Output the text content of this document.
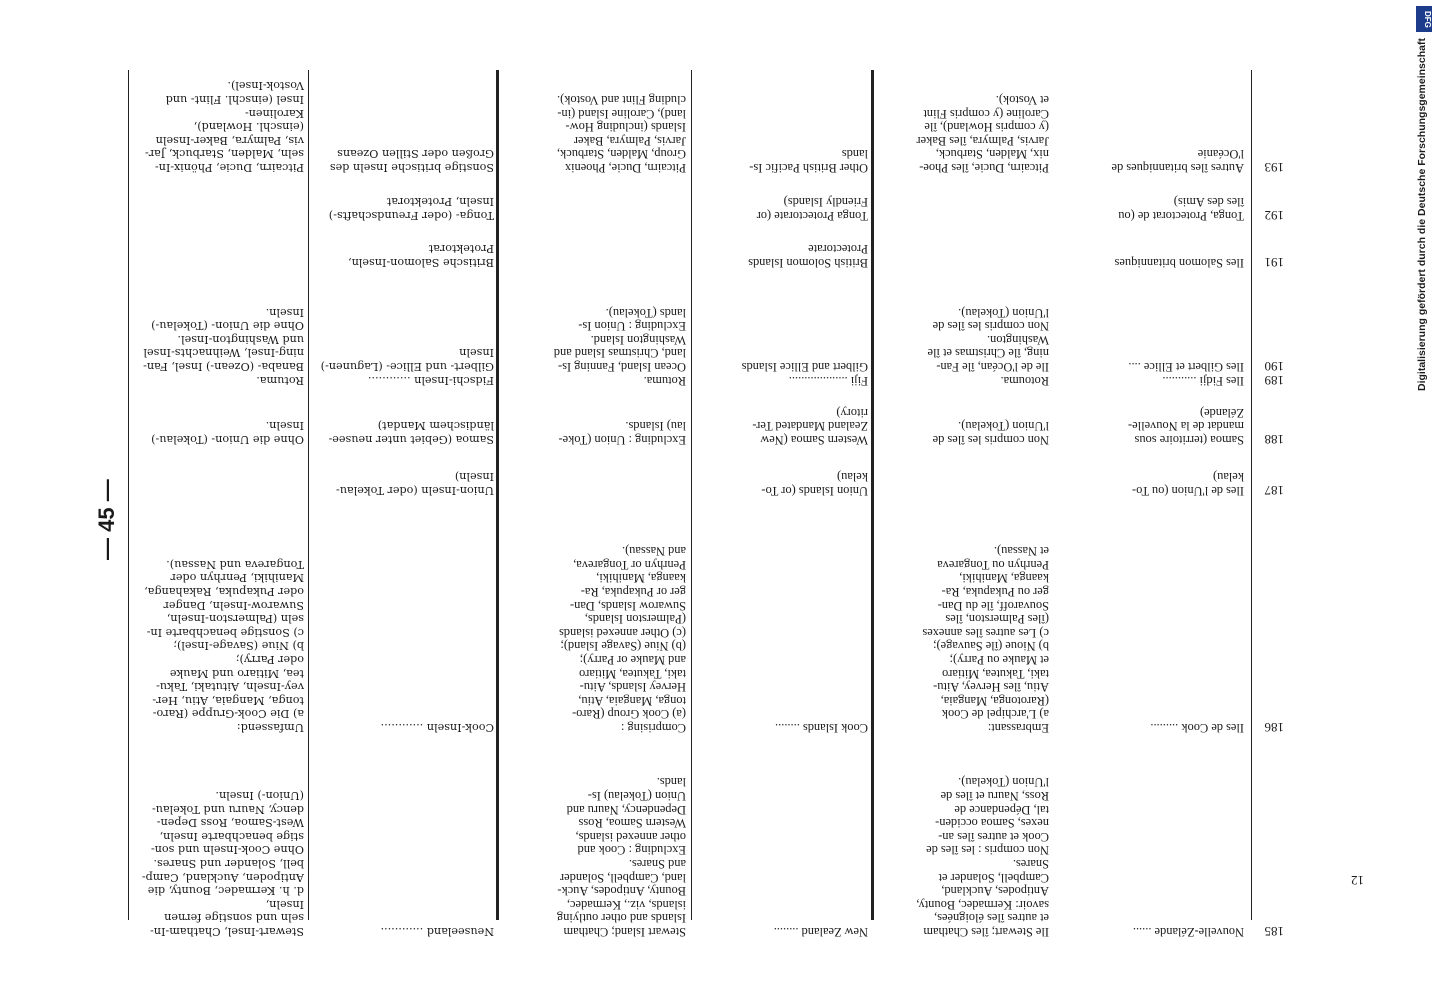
12
185
Nouvelle-Zélande ......
Ile Stewart; îles Chatham
et autres îles éloignées,
savoir: Kermadec, Bounty,
Antipodes, Auckland,
Campbell, Solander et
Snares.
Non compris : les îles de
Cook et autres îles an-
nexes, Samoa occiden-
tal, Dépendance de
Ross, Nauru et îles de
l'Union (Tokelau).
New Zealand ........
Stewart Island; Chatham
Islands and other outlying
islands, viz., Kermadec,
Bounty, Antipodes, Auck-
land, Campbell, Solander
and Snares.
Excluding : Cook and
other annexed islands,
Western Samoa, Ross
Dependency, Nauru and
Union (Tokelau) Is-
lands.
Neuseeland ............
Stewart-Insel, Chatham-In-
seln und sonstige fernen Inseln,
d. h. Kermadec, Bounty, die
Antipoden, Auckland, Camp-
bell, Solander und Snares.
Ohne Cook-Inseln und son-
stige benachbarte Inseln,
West-Samoa, Ross Depen-
dency, Nauru und Tokelau-
(Union-) Inseln.
186
Iles de Cook .........
Embrassant:
a) L'archipel de Cook
(Rarotonga, Mangaia,
Atiu, îles Hervey, Aitu-
taki, Takutea, Mitiaro
et Mauke ou Parry);
b) Nioue (île Sauvage);
c) Les autres îles annexes
(îles Palmerston, îles
Souvaroff, île du Dan-
ger ou Pukapuka, Ra-
kaanga, Manihiki,
Penrhyn ou Tongareva
et Nassau).
Cook Islands ........
Comprising :
(a) Cook Group (Raro-
tonga, Mangaia, Atiu,
Hervey Islands, Aitu-
taki, Takutea, Mitiaro
and Mauke or Parry);
(b) Niue (Savage Island);
(c) Other annexed islands
(Palmerston Islands,
Suwarow Islands, Dan-
ger or Pukapuka, Ra-
kaanga, Manihiki,
Penrhyn or Tongareva,
and Nassau).
Cook-Inseln ............
Umfassend:
a) Die Cook-Gruppe (Raro-
tonga, Mangaia, Atiu, Her-
vey-Inseln, Aitutaki, Taku-
tea, Mitiaro und Mauke
oder Parry);
b) Niue (Savage-Insel);
c) Sonstige benachbarte In-
seln (Palmerston-Inseln,
Suwarow-Inseln, Danger
oder Pukapuka, Rakahanga,
Manihiki, Penrhyn oder
Tongareva und Nassau).
187
Iles de l'Union (ou To-
kelau)
Union Islands (or To-
kelau)
Union-Inseln (oder Tokelau-
Inseln)
188
Samoa (territoire sous
mandat de la Nouvelle-
Zélande)
Non compris les îles de
l'Union (Tokelau).
Western Samoa (New
Zealand Mandated Ter-
ritory)
Excluding : Union (Toke-
lau) Islands.
Samoa (Gebiet unter neusee-
ländischem Mandat)
Ohne die Union- (Tokelau-)
Inseln.
189
Iles Fidji ...........
Rotouma.
Fiji ...................
Rotuma.
Fidschi-Inseln ............
Rotuma.
190
Iles Gilbert et Ellice ....
Ile de l'Océan, île Fan-
ning, île Christmas et île
Washington.
Non compris les îles de
l'Union (Tokelau).
Gilbert and Ellice Islands
Ocean Island, Fanning Is-
land, Christmas Island and
Washington Island.
Excluding : Union Is-
lands (Tokelau).
Gilbert- und Ellice- (Lagunen-)
Inseln
Banaba- (Ozean-) Insel, Fan-
ning-Insel, Weihnachts-Insel
und Washington-Insel.
Ohne die Union- (Tokelau-)
Inseln.
191
Iles Salomon britanniques
British Solomon Islands
Protectorate
Britische Salomon-Inseln,
Protektorat
192
Tonga, Protectorat de (ou
îles des Amis)
Tonga Protectorate (or
Friendly Islands)
Tonga- (oder Freundschafts-)
Inseln, Protektorat
193
Autres îles britanniques de
l'Océanie
Pitcairn, Ducie, îles Phoe-
nix, Malden, Starbuck,
Jarvis, Palmyra, îles Baker
(y compris Howland), île
Caroline (y compris Flint
et Vostok).
Other British Pacific Is-
lands
Pitcairn, Ducie, Phoenix
Group, Malden, Starbuck,
Jarvis, Palmyra, Baker
Islands (including How-
land), Caroline Island (in-
cluding Flint and Vostok).
Sonstige britische Inseln des
Großen oder Stillen Ozeans
Pitcairn, Ducie, Phönix-In-
seln, Malden, Starbuck, Jar-
vis, Palmyra, Baker-Inseln
(einschl. Howland), Karolinen-
Insel (einschl. Flint- und
Vostok-Insel).
— 45 —
DFG
Digitalisierung gefördert durch die Deutsche Forschungsgemeinschaft
